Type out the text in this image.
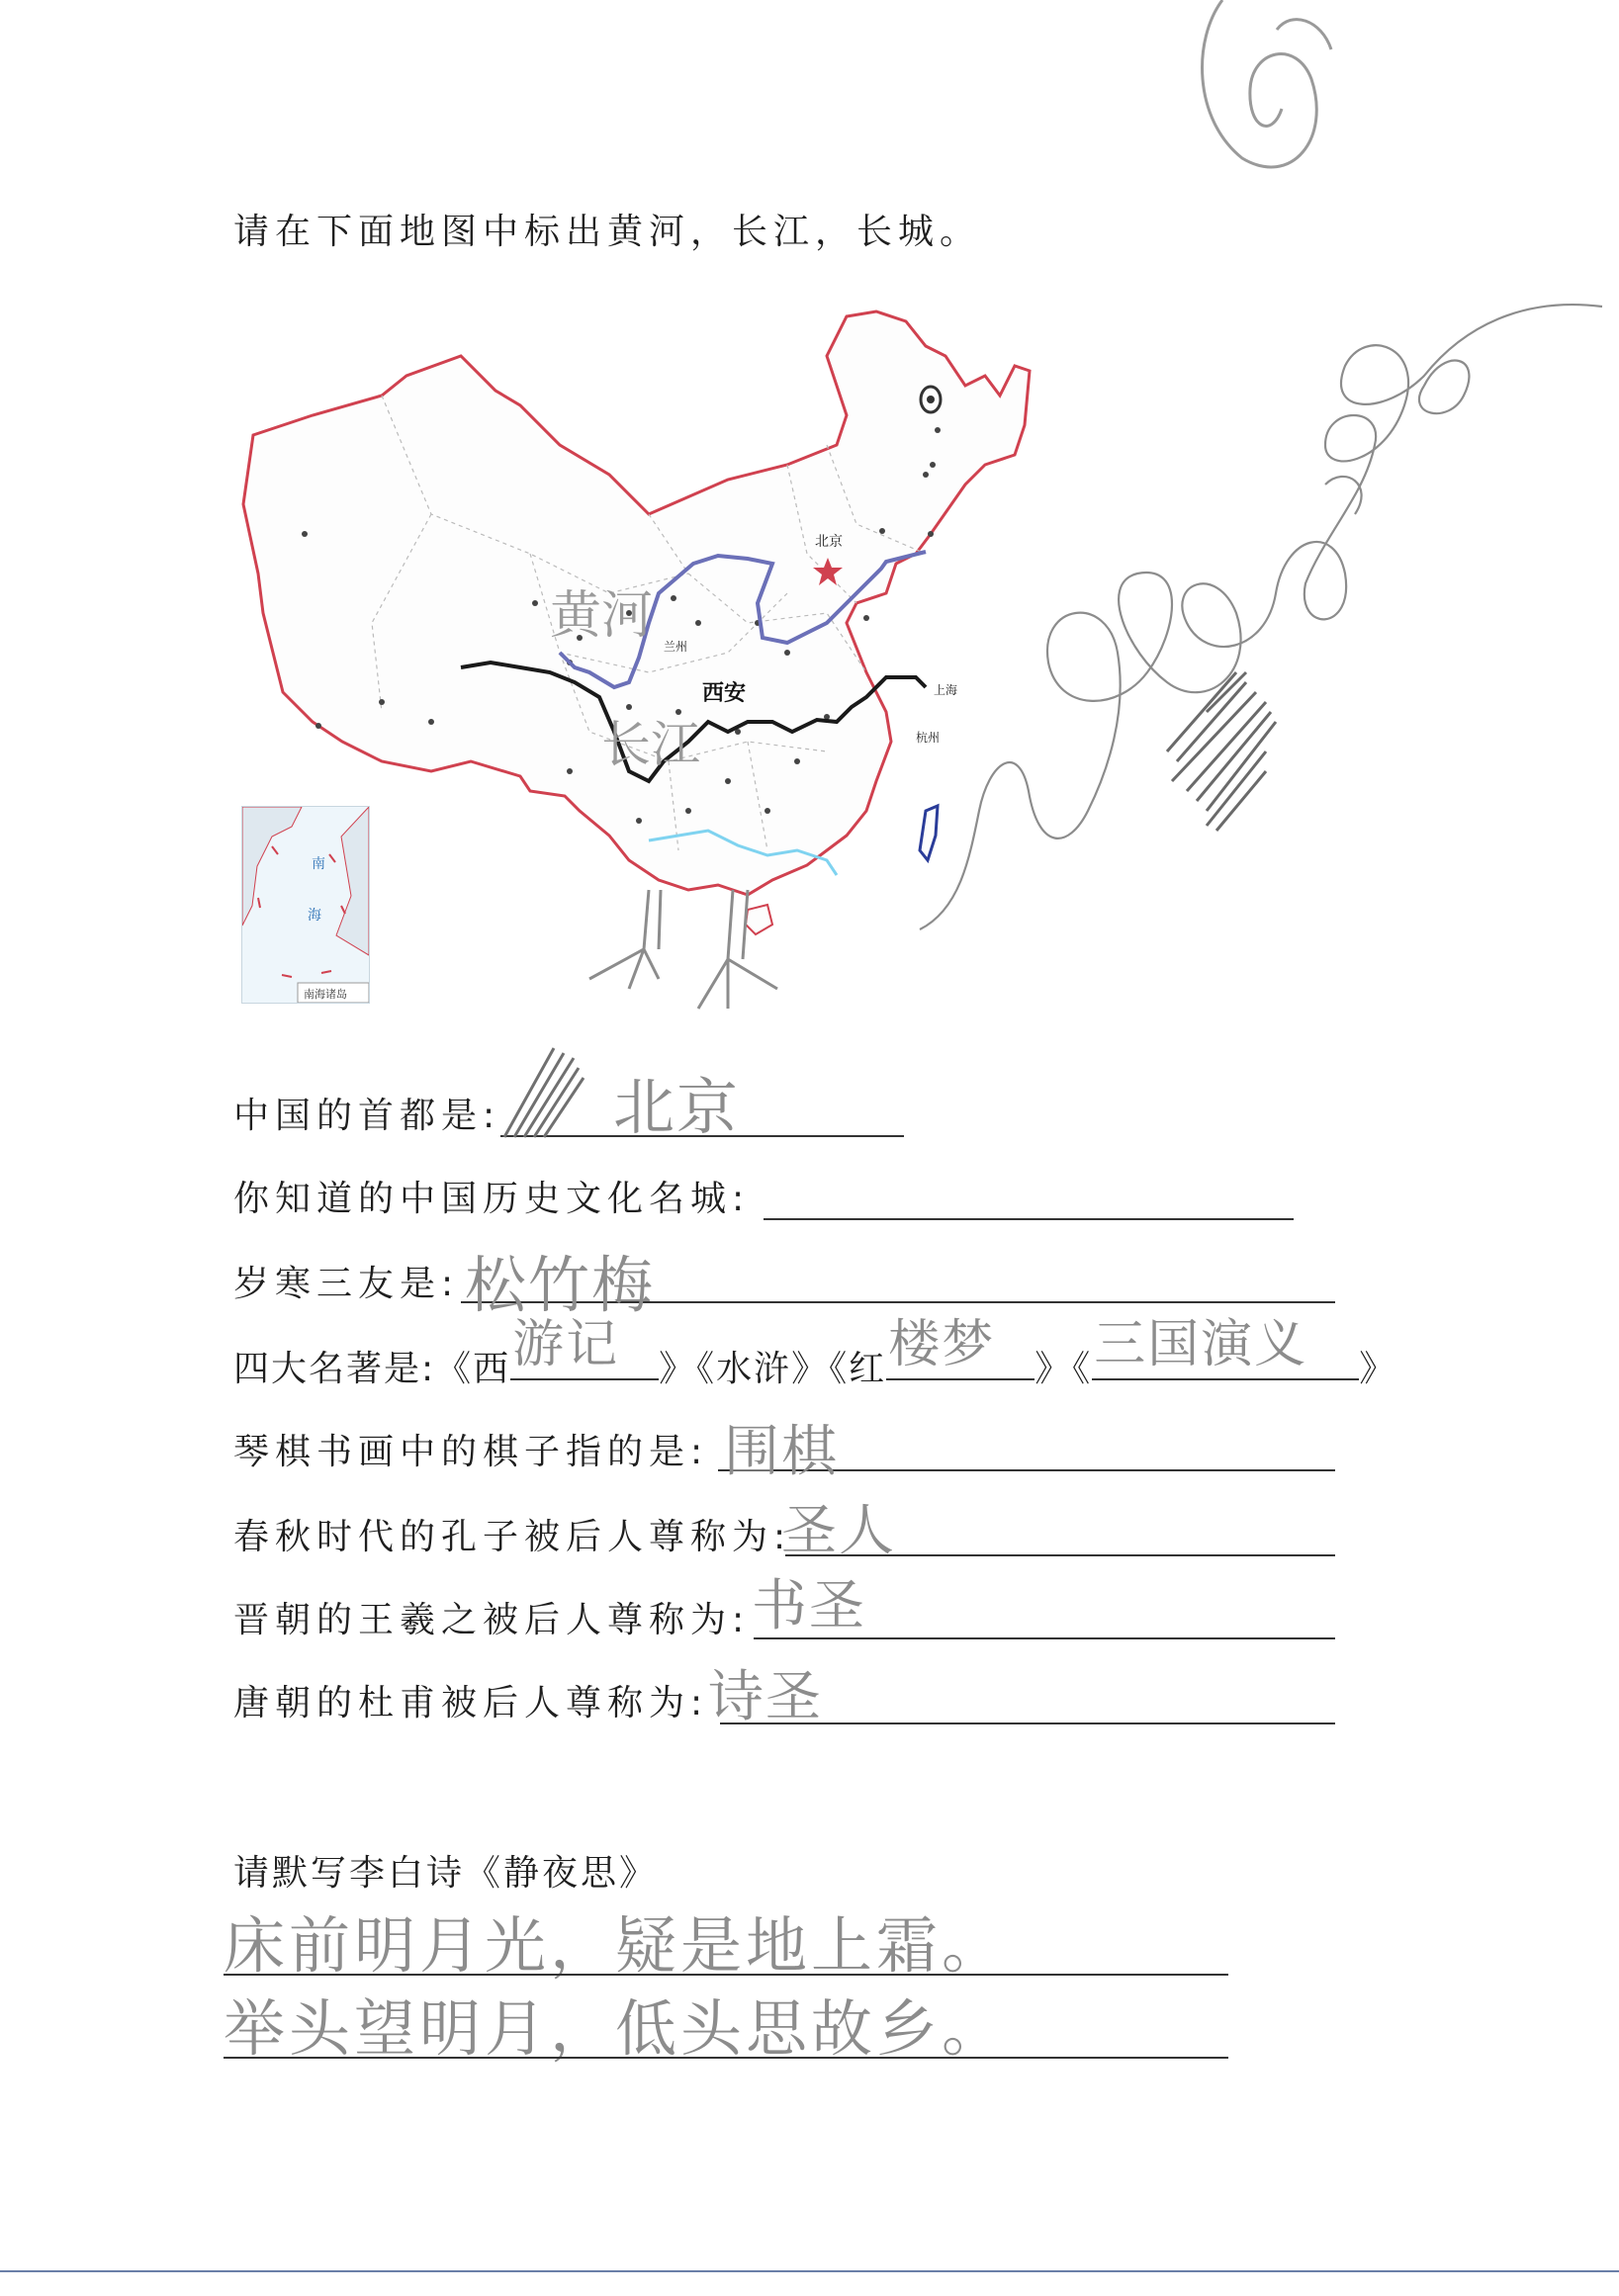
请在下面地图中标出黄河，长江，长城。
北京
兰州
西安	上海
杭州
黄河
长江
南
海
南海诸岛
中国的首都是: 北京
你知道的中国历史文化名城:
岁寒三友是: 松竹梅
四大名著是:《西 游记 》《水浒》《红 楼梦 》《 三国演义 》
琴棋书画中的棋子指的是: 围棋
春秋时代的孔子被后人尊称为:
圣人
晋朝的王羲之被后人尊称为: 书圣
唐朝的杜甫被后人尊称为: 诗圣
请默写李白诗《静夜思》
床前明月光，疑是地上霜。
举头望明月，低头思故乡。
